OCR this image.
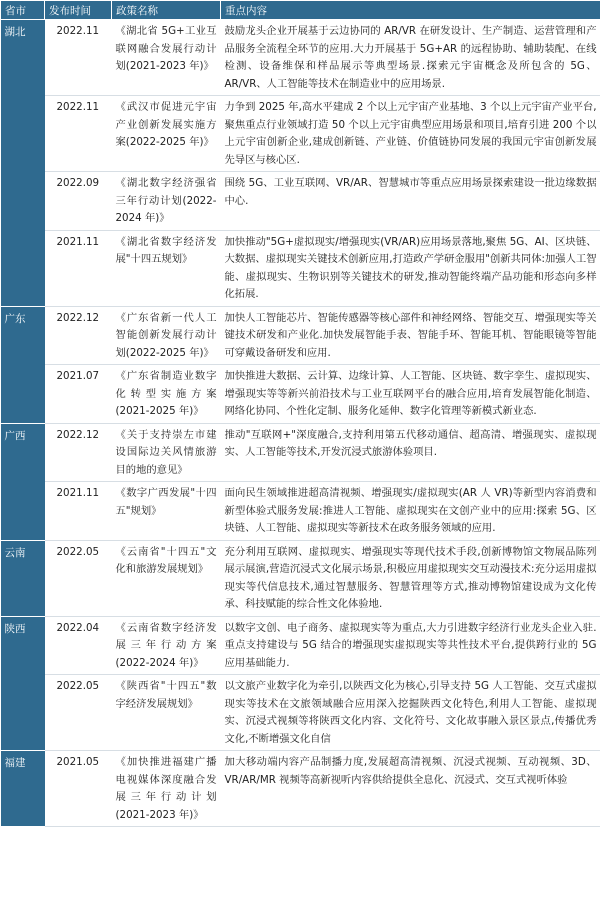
省市	发布时间	政策名称	重点内容
湖北	2022.11	《湖北省 5G+工业互联网融合发展行动计划(2021-2023 年)》	鼓励龙头企业开展基于云边协同的 AR/VR 在研发设计、生产制造、运营管理和产品服务全流程全环节的应用.大力开展基于 5G+AR 的远程协助、辅助装配、在线检测、设备维保和样品展示等典型场景.探索元宇宙概念及所包含的 5G、AR/VR、人工智能等技术在制造业中的应用场景.
	2022.11	《武汉市促进元宇宙产业创新发展实施方案(2022-2025 年)》	力争到 2025 年,高水平建成 2 个以上元宇宙产业基地、3 个以上元宇宙产业平台,聚焦重点行业领域打造 50 个以上元宇宙典型应用场景和项目,培育引进 200 个以上元宇宙创新企业,建成创新链、产业链、价值链协同发展的我国元宇宙创新发展先导区与核心区.
	2022.09	《湖北数字经济强省三年行动计划(2022-2024 年)》	围绕 5G、工业互联网、VR/AR、智慧城市等重点应用场景探索建设一批边缘数据中心.
	2021.11	《湖北省数字经济发展"十四五规划》	加快推动"5G+虚拟现实/增强现实(VR/AR)应用场景落地,聚焦 5G、AI、区块链、大数据、虚拟现实关键技术创新应用,打造政产学研金服用"创新共同体:加强人工智能、虚拟现实、生物识别等关键技术的研发,推动智能终端产品功能和形态向多样化拓展.
广东	2022.12	《广东省新一代人工智能创新发展行动计划(2022-2025 年)》	加快人工智能芯片、智能传感器等核心部件和神经网络、智能交互、增强现实等关键技术研发和产业化.加快发展智能手表、智能手环、智能耳机、智能眼镜等智能可穿戴设备研发和应用.
	2021.07	《广东省制造业数字化转型实施方案(2021-2025 年)》	加快推进大数据、云计算、边缘计算、人工智能、区块链、数字孪生、虚拟现实、增强现实等等新兴前沿技术与工业互联网平台的融合应用,培育发展智能化制造、网络化协同、个性化定制、服务化延伸、数字化管理等新模式新业态.
广西	2022.12	《关于支持崇左市建设国际边关风情旅游目的地的意见》	推动"互联网+"深度融合,支持利用第五代移动通信、超高清、增强现实、虚拟现实、人工智能等技术,开发沉浸式旅游体验项目.
	2021.11	《数字广西发展"十四五"规划》	面向民生领域推进超高清视频、增强现实/虚拟现实(AR 人 VR)等新型内容消费和新型体验式服务发展:推进人工智能、虚拟现实在文创产业中的应用:探索 5G、区块链、人工智能、虚拟现实等新技术在政务服务领域的应用.
云南	2022.05	《云南省"十四五"文化和旅游发展规划》	充分利用互联网、虚拟现实、增强现实等现代技术手段,创新博物馆文物展品陈列展示展演,营造沉浸式文化展示场景,积极应用虚拟现实交互动漫技术:充分运用虚拟现实等代信息技术,通过智慧服务、智慧管理等方式,推动博物馆建设成为文化传承、科技赋能的综合性文化体验地.
陕西	2022.04	《云南省数字经济发展三年行动方案(2022-2024 年)》	以数字文创、电子商务、虚拟现实等为重点,大力引进数字经济行业龙头企业入驻.重点支持建设与 5G 结合的增强现实虚拟现实等共性技术平台,提供跨行业的 5G 应用基础能力.
	2022.05	《陕西省"十四五"数字经济发展规划》	以文旅产业数字化为牵引,以陕西文化为核心,引导支持 5G 人工智能、交互式虚拟现实等技术在文旅领域融合应用深入挖掘陕西文化特色,利用人工智能、虚拟现实、沉浸式视频等将陕西文化内容、文化符号、文化故事融入景区景点,传播优秀文化,不断增强文化自信
福建	2021.05	《加快推进福建广播电视媒体深度融合发展三年行动计划(2021-2023 年)》	加大移动端内容产品制播力度,发展超高清视频、沉浸式视频、互动视频、3D、VR/AR/MR 视频等高新视听内容供给提供全息化、沉浸式、交互式视听体验
